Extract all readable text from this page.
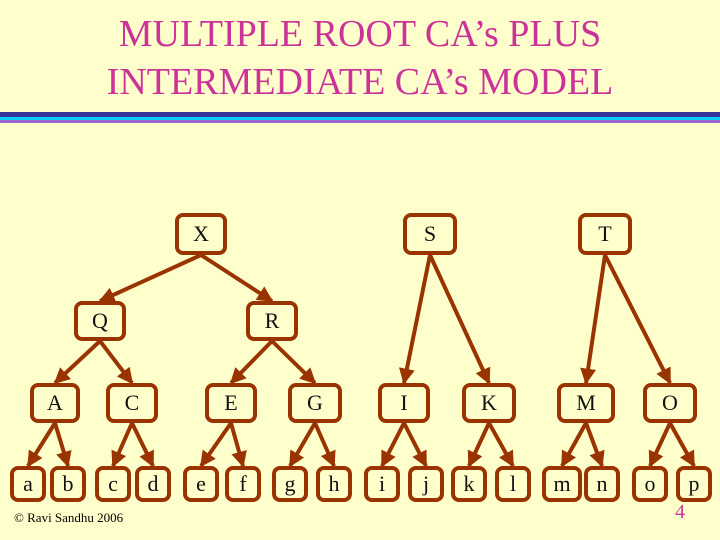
MULTIPLE ROOT CA’s PLUS
INTERMEDIATE CA’s MODEL
X	S	T
Q	R
A	C	E	G	I	K	M	O
a	b	c	d	e	f	g	h	i	j	k	l	m	n	o	p
© Ravi Sandhu 2006	4
